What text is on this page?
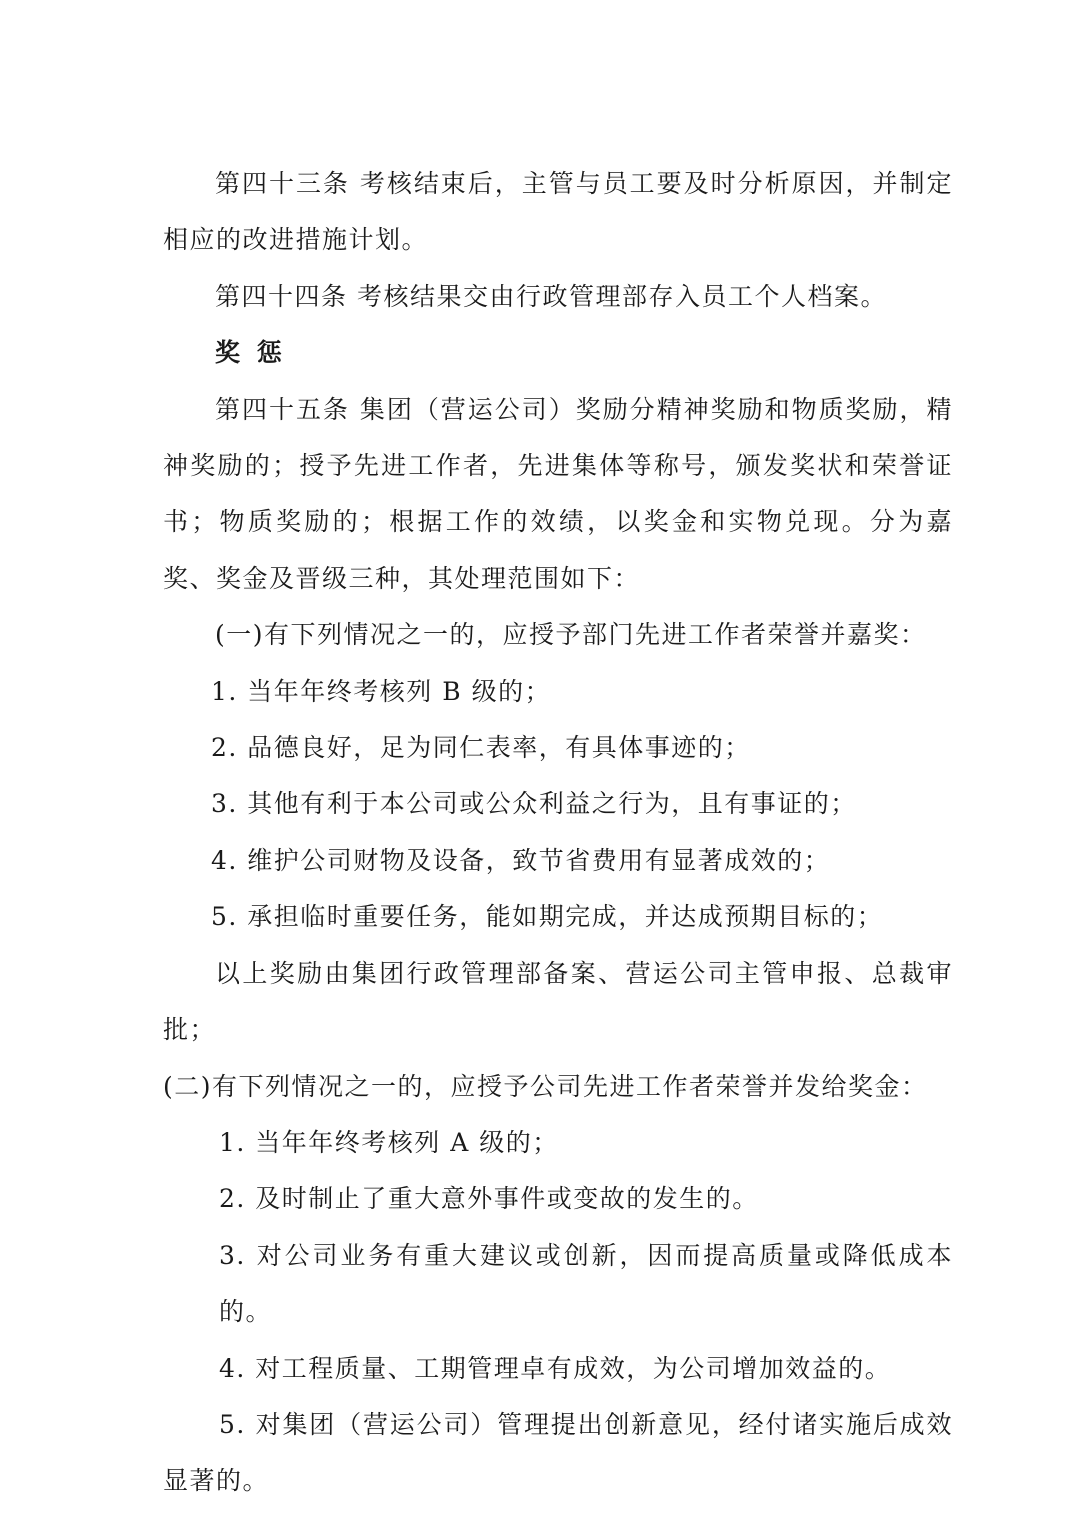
第四十三条 考核结束后，主管与员工要及时分析原因，并制定相应的改进措施计划。

第四十四条 考核结果交由行政管理部存入员工个人档案。

奖 惩

第四十五条 集团（营运公司）奖励分精神奖励和物质奖励，精神奖励的；授予先进工作者，先进集体等称号，颁发奖状和荣誉证书；物质奖励的；根据工作的效绩，以奖金和实物兑现。分为嘉奖、奖金及晋级三种，其处理范围如下：

(一)有下列情况之一的，应授予部门先进工作者荣誉并嘉奖：

1. 当年年终考核列 B 级的；

2. 品德良好，足为同仁表率，有具体事迹的；

3. 其他有利于本公司或公众利益之行为，且有事证的；

4. 维护公司财物及设备，致节省费用有显著成效的；

5. 承担临时重要任务，能如期完成，并达成预期目标的；

以上奖励由集团行政管理部备案、营运公司主管申报、总裁审批；

(二)有下列情况之一的，应授予公司先进工作者荣誉并发给奖金：

1. 当年年终考核列 A 级的；

2. 及时制止了重大意外事件或变故的发生的。

3. 对公司业务有重大建议或创新，因而提高质量或降低成本的。

4. 对工程质量、工期管理卓有成效，为公司增加效益的。

5. 对集团（营运公司）管理提出创新意见，经付诸实施后成效显著的。
